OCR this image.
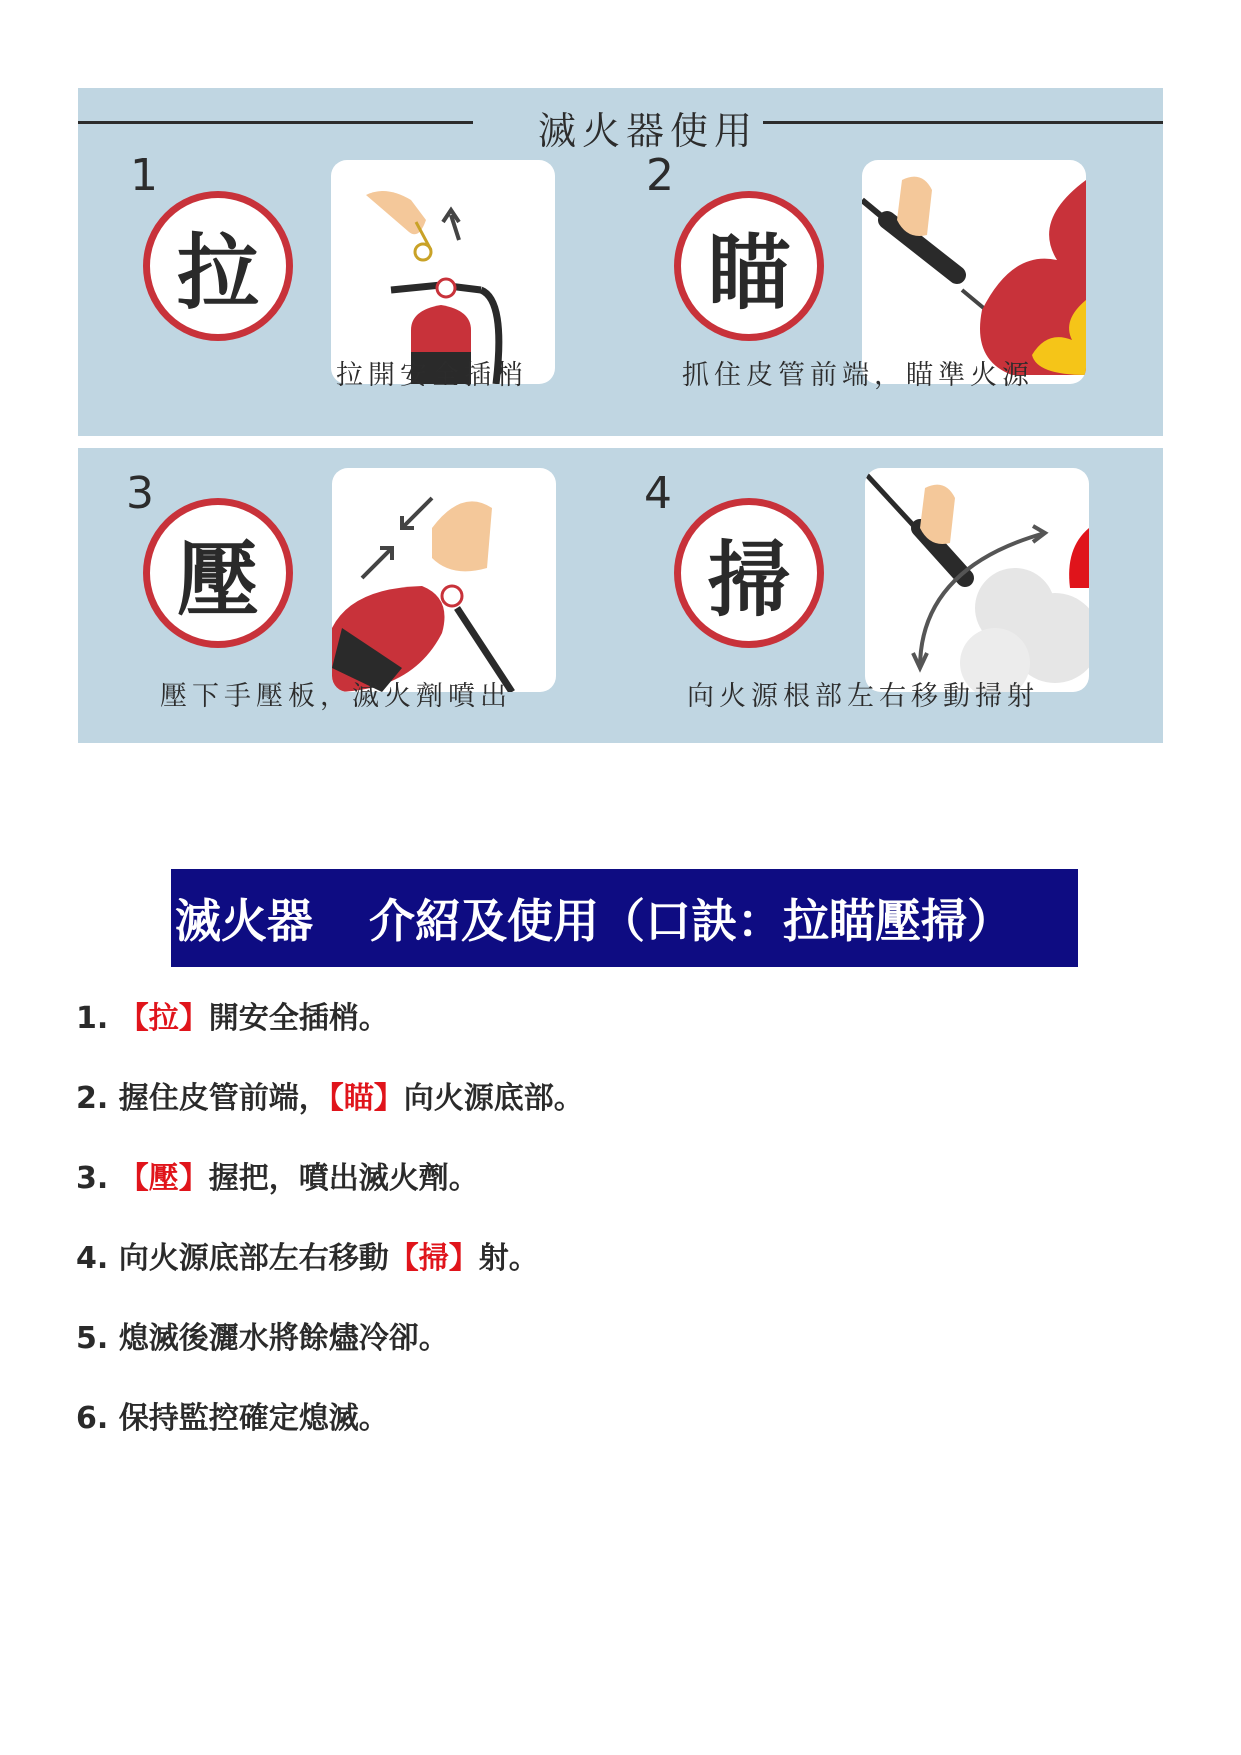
滅火器使用
1
拉
拉開安全插梢
2
瞄
抓住皮管前端，瞄準火源
3
壓
壓下手壓板，滅火劑噴出
4
掃
向火源根部左右移動掃射
滅火器 介紹及使用（口訣：拉瞄壓掃）
1. 【拉】開安全插梢。
2. 握住皮管前端，【瞄】向火源底部。
3. 【壓】握把，噴出滅火劑。
4. 向火源底部左右移動【掃】射。
5. 熄滅後灑水將餘燼冷卻。
6. 保持監控確定熄滅。
